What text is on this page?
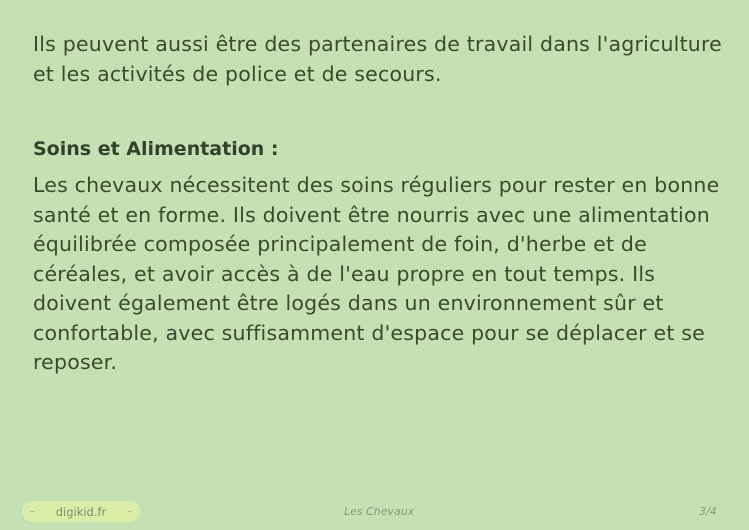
Ils peuvent aussi être des partenaires de travail dans l'agriculture et les activités de police et de secours.

Soins et Alimentation :

Les chevaux nécessitent des soins réguliers pour rester en bonne santé et en forme. Ils doivent être nourris avec une alimentation équilibrée composée principalement de foin, d'herbe et de céréales, et avoir accès à de l'eau propre en tout temps. Ils doivent également être logés dans un environnement sûr et confortable, avec suffisamment d'espace pour se déplacer et se reposer.

– digikid.fr –	Les Chevaux	3/4
